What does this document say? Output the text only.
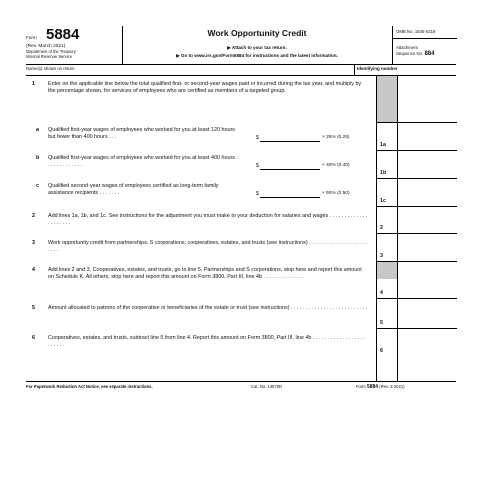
Form 5884
(Rev. March 2021)
Department of the Treasury
Internal Revenue Service
Work Opportunity Credit
▶ Attach to your tax return.
▶ Go to www.irs.gov/Form5884 for instructions and the latest information.
OMB No. 1545-0219
Attachment
Sequence No. 884
Name(s) shown on return	Identifying number
1 Enter on the applicable line below the total qualified first- or second-year wages paid or incurred during the tax year, and multiply by the percentage shown, for services of employees who are certified as members of a targeted group.
a Qualified first-year wages of employees who worked for you at least 120 hours but fewer than 400 hours . . .	$	× 25% (0.25)
b Qualified first-year wages of employees who worked for you at least 400 hours . . . . . . . . . . . . .	$	× 40% (0.40)
c Qualified second-year wages of employees certified as long-term family assistance recipients . . . . . . .	$	× 50% (0.50)
2 Add lines 1a, 1b, and 1c. See instructions for the adjustment you must make to your deduction for salaries and wages . . . . . . . . . . . . . . . . . . . . .
3 Work opportunity credit from partnerships, S corporations, cooperatives, estates, and trusts (see instructions) . . . . . . . . . . . . . . . . . . . . . . . .
4 Add lines 2 and 3. Cooperatives, estates, and trusts, go to line 5. Partnerships and S corporations, stop here and report this amount on Schedule K. All others, stop here and report this amount on Form 3800, Part III, line 4b . . . . . . . . . . . . . .
5 Amount allocated to patrons of the cooperative or beneficiaries of the estate or trust (see instructions) . . . . . . . . . . . . . . . . . . . . . . . . . .
6 Cooperatives, estates, and trusts, subtract line 5 from line 4. Report this amount on Form 3800, Part III, line 4b . . . . . . . . . . . . . . . . . . . . . . . .
1a
1b
1c
2
3
4
5
6
For Paperwork Reduction Act Notice, see separate instructions.	Cat. No. 13570D	Form 5884 (Rev. 3-2021)
